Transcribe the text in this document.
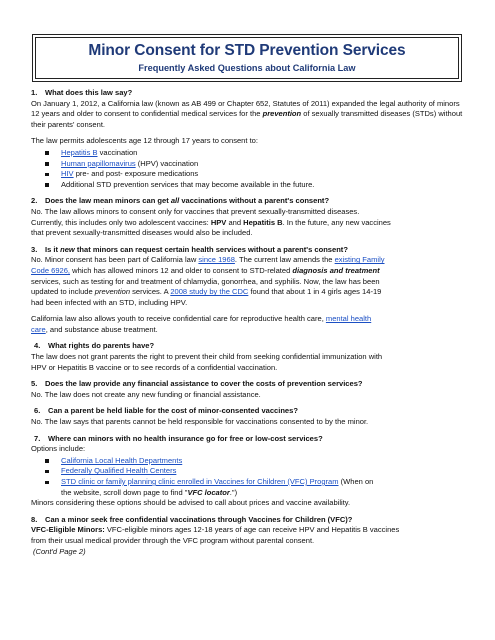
Minor Consent for STD Prevention Services
Frequently Asked Questions about California Law
1. What does this law say?

On January 1, 2012, a California law (known as AB 499 or Chapter 652, Statutes of 2011) expanded the legal authority of minors 12 years and older to consent to confidential medical services for the prevention of sexually transmitted diseases (STDs) without their parents' consent.

The law permits adolescents age 12 through 17 years to consent to:

Hepatitis B vaccination
Human papillomavirus (HPV) vaccination
HIV pre- and post- exposure medications
Additional STD prevention services that may become available in the future.
2. Does the law mean minors can get all vaccinations without a parent's consent?

No. The law allows minors to consent only for vaccines that prevent sexually-transmitted diseases.
Currently, this includes only two adolescent vaccines: HPV and Hepatitis B. In the future, any new vaccines
that prevent sexually-transmitted diseases would also be included.

3. Is it new that minors can request certain health services without a parent's consent?

No. Minor consent has been part of California law since 1968. The current law amends the existing Family
Code 6926, which has allowed minors 12 and older to consent to STD-related diagnosis and treatment
services, such as testing for and treatment of chlamydia, gonorrhea, and syphilis. Now, the law has been
updated to include prevention services. A 2008 study by the CDC found that about 1 in 4 girls ages 14-19
had been infected with an STD, including HPV.

California law also allows youth to receive confidential care for reproductive health care, mental health
care, and substance abuse treatment.

4. What rights do parents have?

The law does not grant parents the right to prevent their child from seeking confidential immunization with
HPV or Hepatitis B vaccine or to see records of a confidential vaccination.

5. Does the law provide any financial assistance to cover the costs of prevention services?

No. The law does not create any new funding or financial assistance.

6. Can a parent be held liable for the cost of minor-consented vaccines?

No. The law says that parents cannot be held responsible for vaccinations consented to by the minor.

7. Where can minors with no health insurance go for free or low-cost services?

Options include:

California Local Health Departments
Federally Qualified Health Centers
STD clinic or family planning clinic enrolled in Vaccines for Children (VFC) Program (When on
the website, scroll down page to find "VFC locator.")

Minors considering these options should be advised to call about prices and vaccine availability.

8. Can a minor seek free confidential vaccinations through Vaccines for Children (VFC)?

VFC-Eligible Minors: VFC-eligible minors ages 12-18 years of age can receive HPV and Hepatitis B vaccines
from their usual medical provider through the VFC program without parental consent.
(Cont'd Page 2)
